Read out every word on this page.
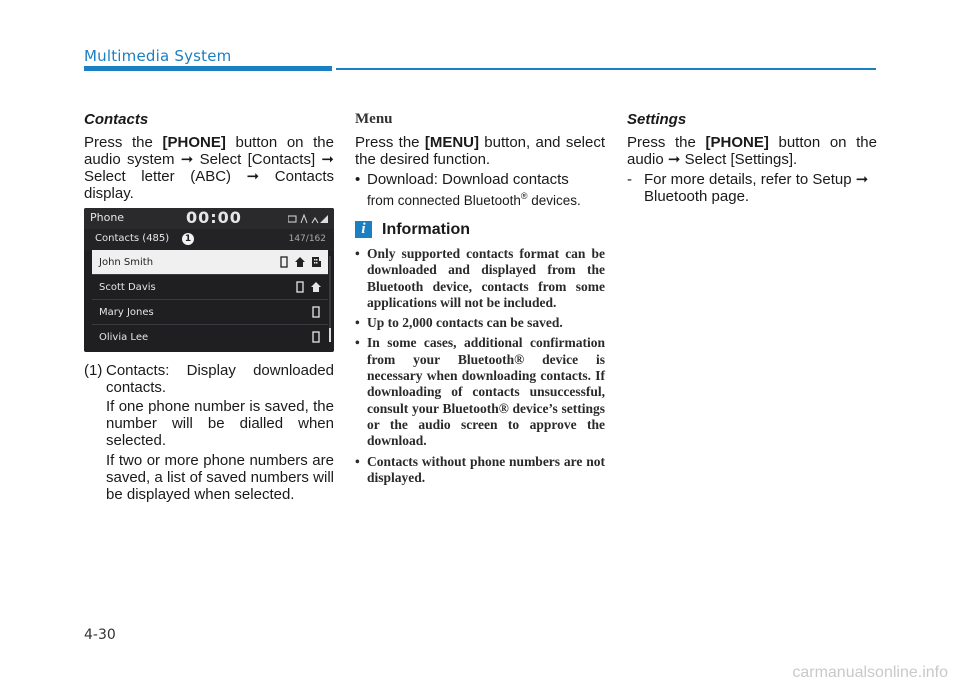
Multimedia System
Contacts

Press the [PHONE] button on the audio system ➞ Select [Contacts] ➞ Select letter (ABC) ➞ Contacts display.

Phone	00:00
Contacts (485)	1	147/162
John Smith
Scott Davis
Mary Jones
Olivia Lee
(1) Contacts: Display downloaded contacts.

If one phone number is saved, the number will be dialled when selected.

If two or more phone numbers are saved, a list of saved numbers will be displayed when selected.

Menu

Press the [MENU] button, and select the desired function.

• Download: Download contacts
from connected Bluetooth® devices.
i	Information
• Only supported contacts format can be downloaded and displayed from the Bluetooth device, contacts from some applications will not be included.
• Up to 2,000 contacts can be saved.
• In some cases, additional confirmation from your Bluetooth® device is necessary when downloading contacts. If downloading of contacts unsuccessful, consult your Bluetooth® device’s settings or the audio screen to approve the download.
• Contacts without phone numbers are not displayed.
Settings

Press the [PHONE] button on the audio ➞ Select [Settings].

- For more details, refer to Setup ➞ Bluetooth page.
4-30
carmanualsonline.info
